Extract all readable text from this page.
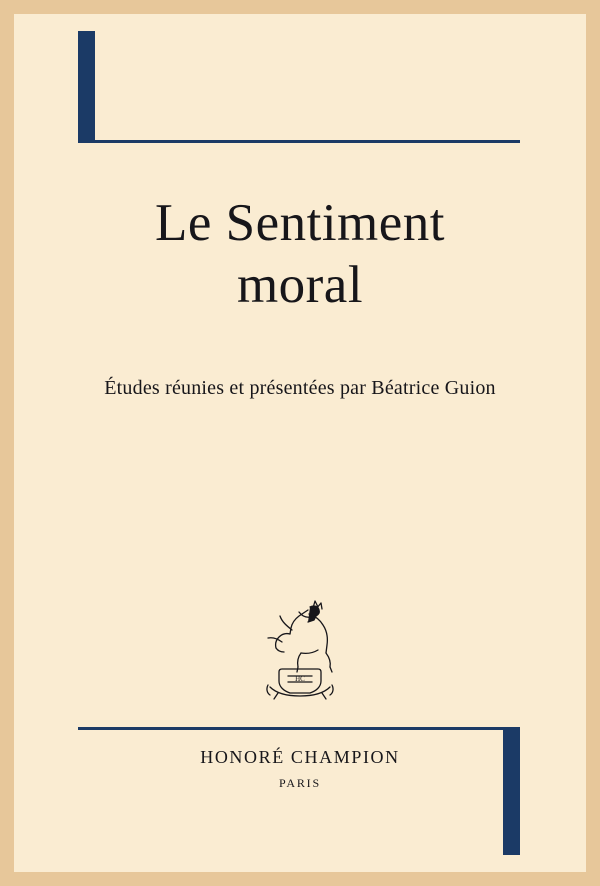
Le Sentiment
moral
Études réunies et présentées par Béatrice Guion
HC
HONORÉ CHAMPION
PARIS
